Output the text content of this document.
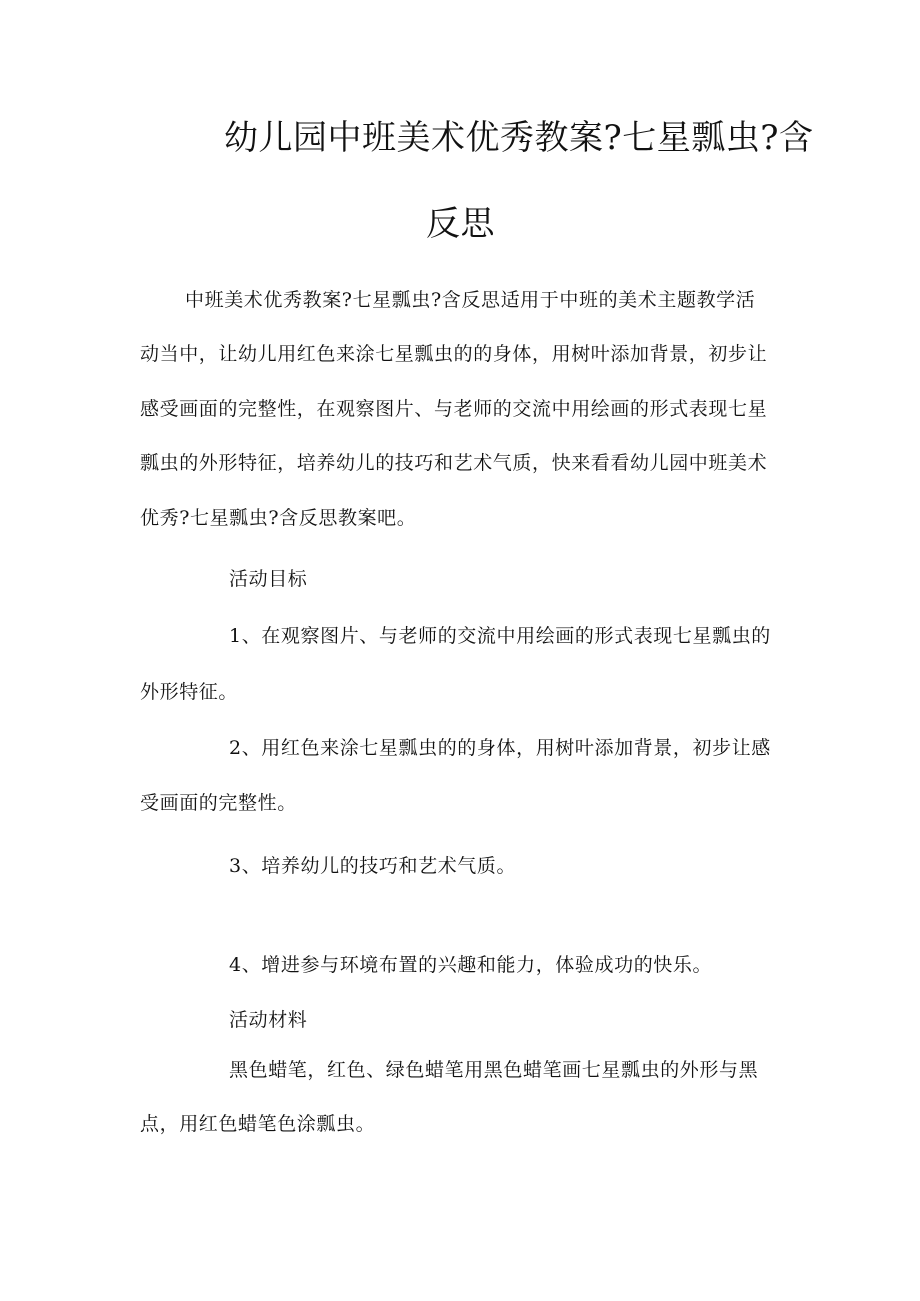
幼儿园中班美术优秀教案?七星瓢虫?含
反思
中班美术优秀教案?七星瓢虫?含反思适用于中班的美术主题教学活
动当中，让幼儿用红色来涂七星瓢虫的的身体，用树叶添加背景，初步让
感受画面的完整性，在观察图片、与老师的交流中用绘画的形式表现七星
瓢虫的外形特征，培养幼儿的技巧和艺术气质，快来看看幼儿园中班美术
优秀?七星瓢虫?含反思教案吧。
活动目标
1、在观察图片、与老师的交流中用绘画的形式表现七星瓢虫的
外形特征。
2、用红色来涂七星瓢虫的的身体，用树叶添加背景，初步让感
受画面的完整性。
3、培养幼儿的技巧和艺术气质。
4、增进参与环境布置的兴趣和能力，体验成功的快乐。
活动材料
黑色蜡笔，红色、绿色蜡笔用黑色蜡笔画七星瓢虫的外形与黑
点，用红色蜡笔色涂瓢虫。
